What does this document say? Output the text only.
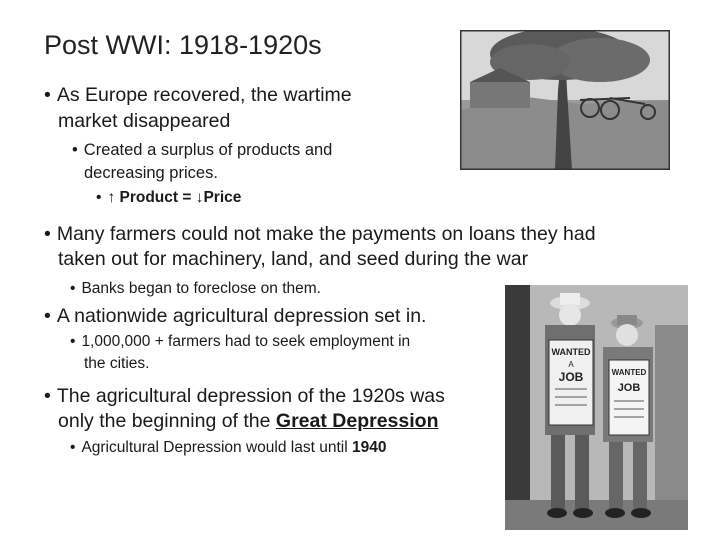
Post WWI: 1918-1920s
• As Europe recovered, the wartime
market disappeared
• Created a surplus of products and
decreasing prices.
• ↑ Product = ↓Price
• Many farmers could not make the payments on loans they had
taken out for machinery, land, and seed during the war
• Banks began to foreclose on them.
• A nationwide agricultural depression set in.
• 1,000,000 + farmers had to seek employment in
the cities.
• The agricultural depression of the 1920s was
only the beginning of the Great Depression
• Agricultural Depression would last until 1940
WANTED
A
JOB	WANTED
JOB
